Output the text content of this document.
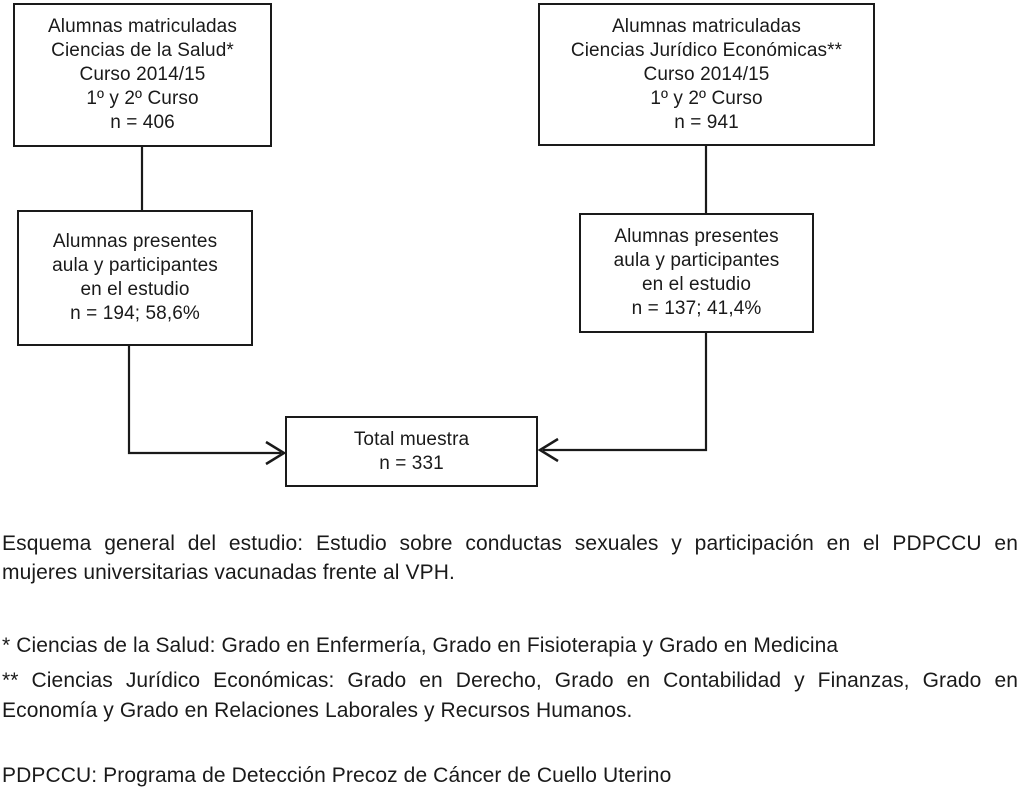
Alumnas matriculadas
Ciencias de la Salud*
Curso 2014/15
1º y 2º Curso
n = 406
Alumnas matriculadas
Ciencias Jurídico Económicas**
Curso 2014/15
1º y 2º Curso
n = 941
Alumnas presentes
aula y participantes
en el estudio
n = 194; 58,6%
Alumnas presentes
aula y participantes
en el estudio
n = 137; 41,4%
Total muestra
n = 331
Esquema general del estudio: Estudio sobre conductas sexuales y participación en el PDPCCU en
mujeres universitarias vacunadas frente al VPH.
* Ciencias de la Salud: Grado en Enfermería, Grado en Fisioterapia y Grado en Medicina
** Ciencias Jurídico Económicas: Grado en Derecho, Grado en Contabilidad y Finanzas, Grado en
Economía y Grado en Relaciones Laborales y Recursos Humanos.
PDPCCU: Programa de Detección Precoz de Cáncer de Cuello Uterino
